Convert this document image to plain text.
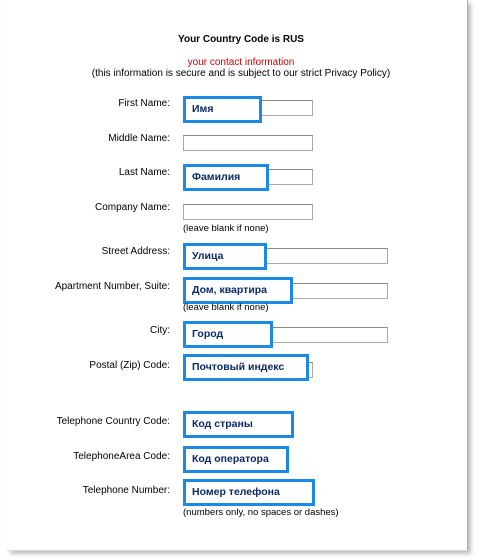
Your Country Code is RUS
your contact information
(this information is secure and is subject to our strict Privacy Policy)
First Name:	Имя
Middle Name:
Last Name:	Фамилия
Company Name:
(leave blank if none)
Street Address:	Улица
Apartment Number, Suite:	Дом, квартира
(leave blank if none)
City:	Город
Postal (Zip) Code:	Почтовый индекс
Telephone Country Code:	Код страны
TelephoneArea Code:	Код оператора
Telephone Number:	Номер телефона
(numbers only, no spaces or dashes)
